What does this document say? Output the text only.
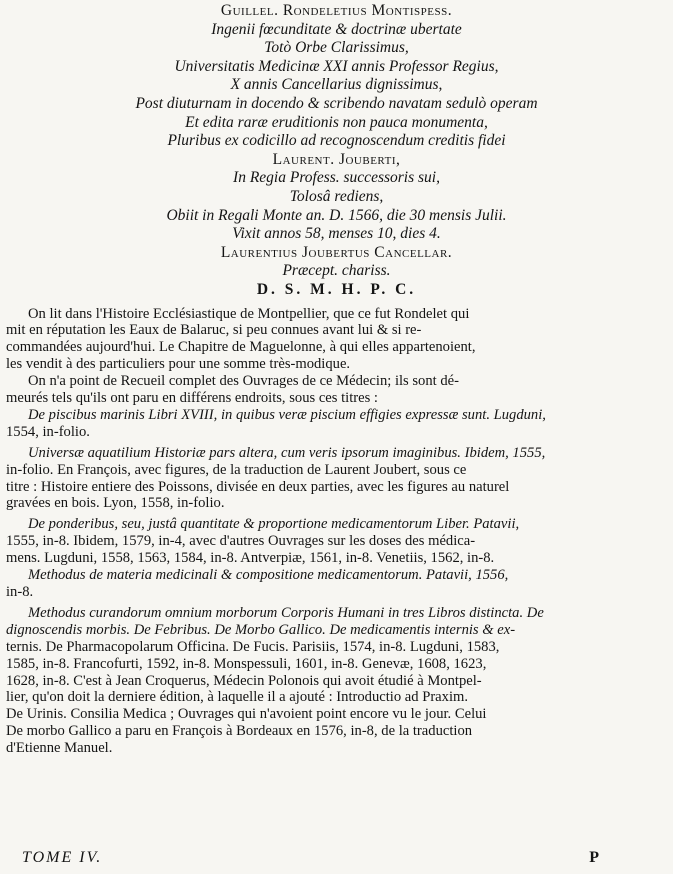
Guillel. Rondeletius Montispess.
Ingenii fœcunditate & doctrinæ ubertate
Totò Orbe Clarissimus,
Universitatis Medicinæ XXI annis Professor Regius,
X annis Cancellarius dignissimus,
Post diuturnam in docendo & scribendo navatam sedulò operam
Et edita raræ eruditionis non pauca monumenta,
Pluribus ex codicillo ad recognoscendum creditis fidei
Laurent. Jouberti,
In Regia Profess. successoris sui,
Tolosâ rediens,
Obiit in Regali Monte an. D. 1566, die 30 mensis Julii.
Vixit annos 58, menses 10, dies 4.
Laurentius Joubertus Cancellar.
Præcept. chariss.
D. S. M. H. P. C.

On lit dans l'Histoire Ecclésiastique de Montpellier, que ce fut Rondelet qui
mit en réputation les Eaux de Balaruc, si peu connues avant lui & si re-
commandées aujourd'hui. Le Chapitre de Maguelonne, à qui elles appartenoient,
les vendit à des particuliers pour une somme très-modique.

On n'a point de Recueil complet des Ouvrages de ce Médecin; ils sont dé-
meurés tels qu'ils ont paru en différens endroits, sous ces titres :

De piscibus marinis Libri XVIII, in quibus veræ piscium effigies expressæ sunt. Lugduni,
1554, in-folio.

Universæ aquatilium Historiæ pars altera, cum veris ipsorum imaginibus. Ibidem, 1555,
in-folio. En François, avec figures, de la traduction de Laurent Joubert, sous ce
titre : Histoire entiere des Poissons, divisée en deux parties, avec les figures au naturel
gravées en bois. Lyon, 1558, in-folio.

De ponderibus, seu, justâ quantitate & proportione medicamentorum Liber. Patavii,
1555, in-8. Ibidem, 1579, in-4, avec d'autres Ouvrages sur les doses des médica-
mens. Lugduni, 1558, 1563, 1584, in-8. Antverpiæ, 1561, in-8. Venetiis, 1562, in-8.

Methodus de materia medicinali & compositione medicamentorum. Patavii, 1556,
in-8.

Methodus curandorum omnium morborum Corporis Humani in tres Libros distincta. De
dignoscendis morbis. De Febribus. De Morbo Gallico. De medicamentis internis & ex-
ternis. De Pharmacopolarum Officina. De Fucis. Parisiis, 1574, in-8. Lugduni, 1583,
1585, in-8. Francofurti, 1592, in-8. Monspessuli, 1601, in-8. Genevæ, 1608, 1623,
1628, in-8. C'est à Jean Croquerus, Médecin Polonois qui avoit étudié à Montpel-
lier, qu'on doit la derniere édition, à laquelle il a ajouté : Introductio ad Praxim.
De Urinis. Consilia Medica ; Ouvrages qui n'avoient point encore vu le jour. Celui
De morbo Gallico a paru en François à Bordeaux en 1576, in-8, de la traduction
d'Etienne Manuel.

TOME IV.	P
